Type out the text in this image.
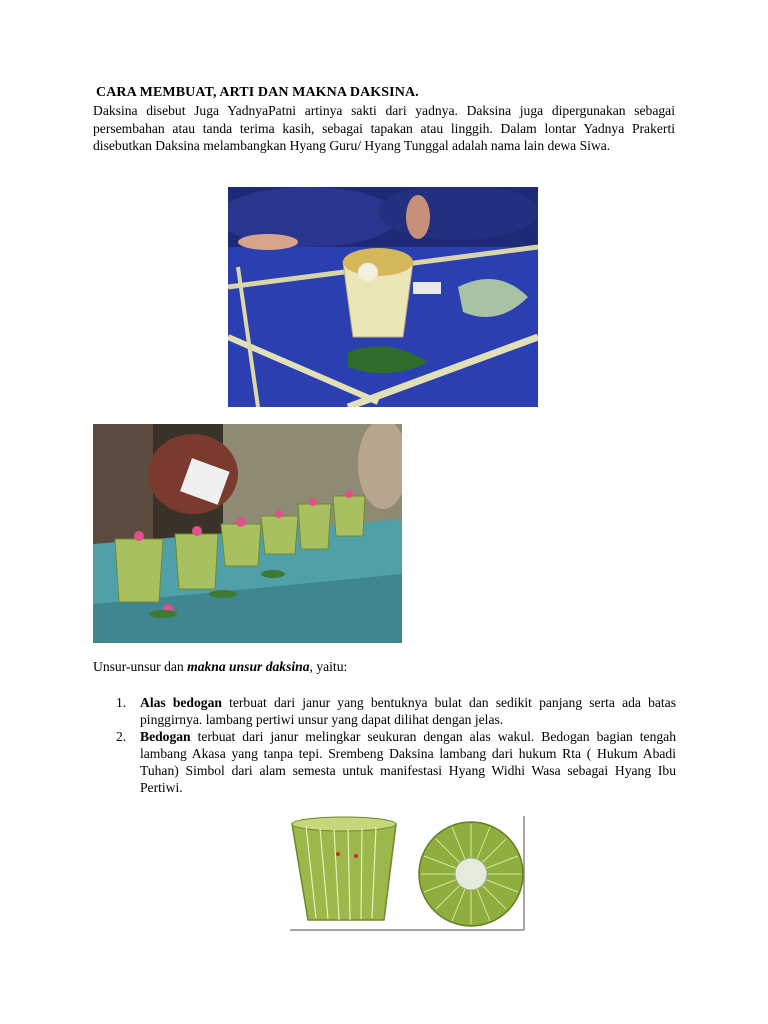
CARA MEMBUAT, ARTI DAN MAKNA DAKSINA.
Daksina disebut Juga YadnyaPatni artinya sakti dari yadnya. Daksina juga dipergunakan sebagai persembahan atau tanda terima kasih, sebagai tapakan atau linggih. Dalam lontar Yadnya Prakerti disebutkan Daksina melambangkan Hyang Guru/ Hyang Tunggal adalah nama lain dewa Siwa.
Unsur-unsur dan makna unsur daksina, yaitu:
1. Alas bedogan terbuat dari janur yang bentuknya bulat dan sedikit panjang serta ada batas pinggirnya. lambang pertiwi unsur yang dapat dilihat dengan jelas.
2. Bedogan terbuat dari janur melingkar seukuran dengan alas wakul. Bedogan bagian tengah lambang Akasa yang tanpa tepi. Srembeng Daksina lambang dari hukum Rta ( Hukum Abadi Tuhan) Simbol dari alam semesta untuk manifestasi Hyang Widhi Wasa sebagai Hyang Ibu Pertiwi.
